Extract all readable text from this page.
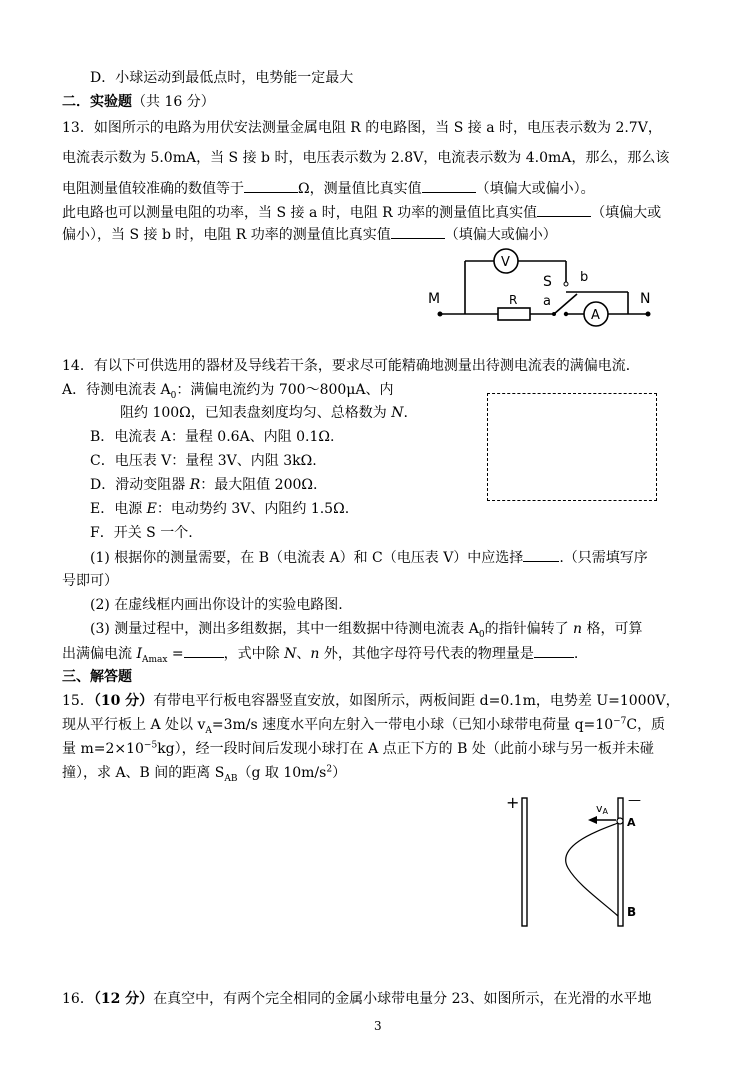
D．小球运动到最低点时，电势能一定最大
二．实验题（共 16 分）
13．如图所示的电路为用伏安法测量金属电阻 R 的电路图，当 S 接 a 时，电压表示数为 2.7V，
电流表示数为 5.0mA，当 S 接 b 时，电压表示数为 2.8V，电流表示数为 4.0mA，那么，那么该
电阻测量值较准确的数值等于	Ω，测量值比真实值	（填偏大或偏小）。
此电路也可以测量电阻的功率，当 S 接 a 时，电阻 R 功率的测量值比真实值	（填偏大或
偏小），当 S 接 b 时，电阻 R 功率的测量值比真实值	（填偏大或偏小）
M	N
R a
b
S
V
A
14．有以下可供选用的器材及导线若干条，要求尽可能精确地测量出待测电流表的满偏电流．
A．待测电流表 $A_0$：满偏电流约为 700～800μA、内
阻约 100Ω，已知表盘刻度均匀、总格数为 N.
B．电流表 A：量程 0.6A、内阻 0.1Ω.
C．电压表 V：量程 3V、内阻 3kΩ.
D．滑动变阻器 R：最大阻值 200Ω.
E．电源 E：电动势约 3V、内阻约 1.5Ω.
F．开关 S 一个.
(1) 根据你的测量需要，在 B（电流表 A）和 C（电压表 V）中应选择	.（只需填写序
号即可）
(2) 在虚线框内画出你设计的实验电路图.
(3) 测量过程中，测出多组数据，其中一组数据中待测电流表 $A_0$的指针偏转了 n 格，可算
出满偏电流 $I_{Amax}$ =	，式中除 N、n 外，其他字母符号代表的物理量是	.
三、解答题
15．（10 分）有带电平行板电容器竖直安放，如图所示，两板间距 d=0.1m，电势差 U=1000V，
现从平行板上 A 处以 $v_A=3m/s$ 速度水平向左射入一带电小球（已知小球带电荷量 $q=10^{-7}C$，质
量 $m=2\times 10^{-5}kg$），经一段时间后发现小球打在 A 点正下方的 B 处（此前小球与另一板并未碰
撞），求 A、B 间的距离 $S_{AB}(g$ 取 $10m/s^2$）
+	—
vA
A
B
16．（12 分）在真空中，有两个完全相同的金属小球带电量分 23、如图所示，在光滑的水平地
3
